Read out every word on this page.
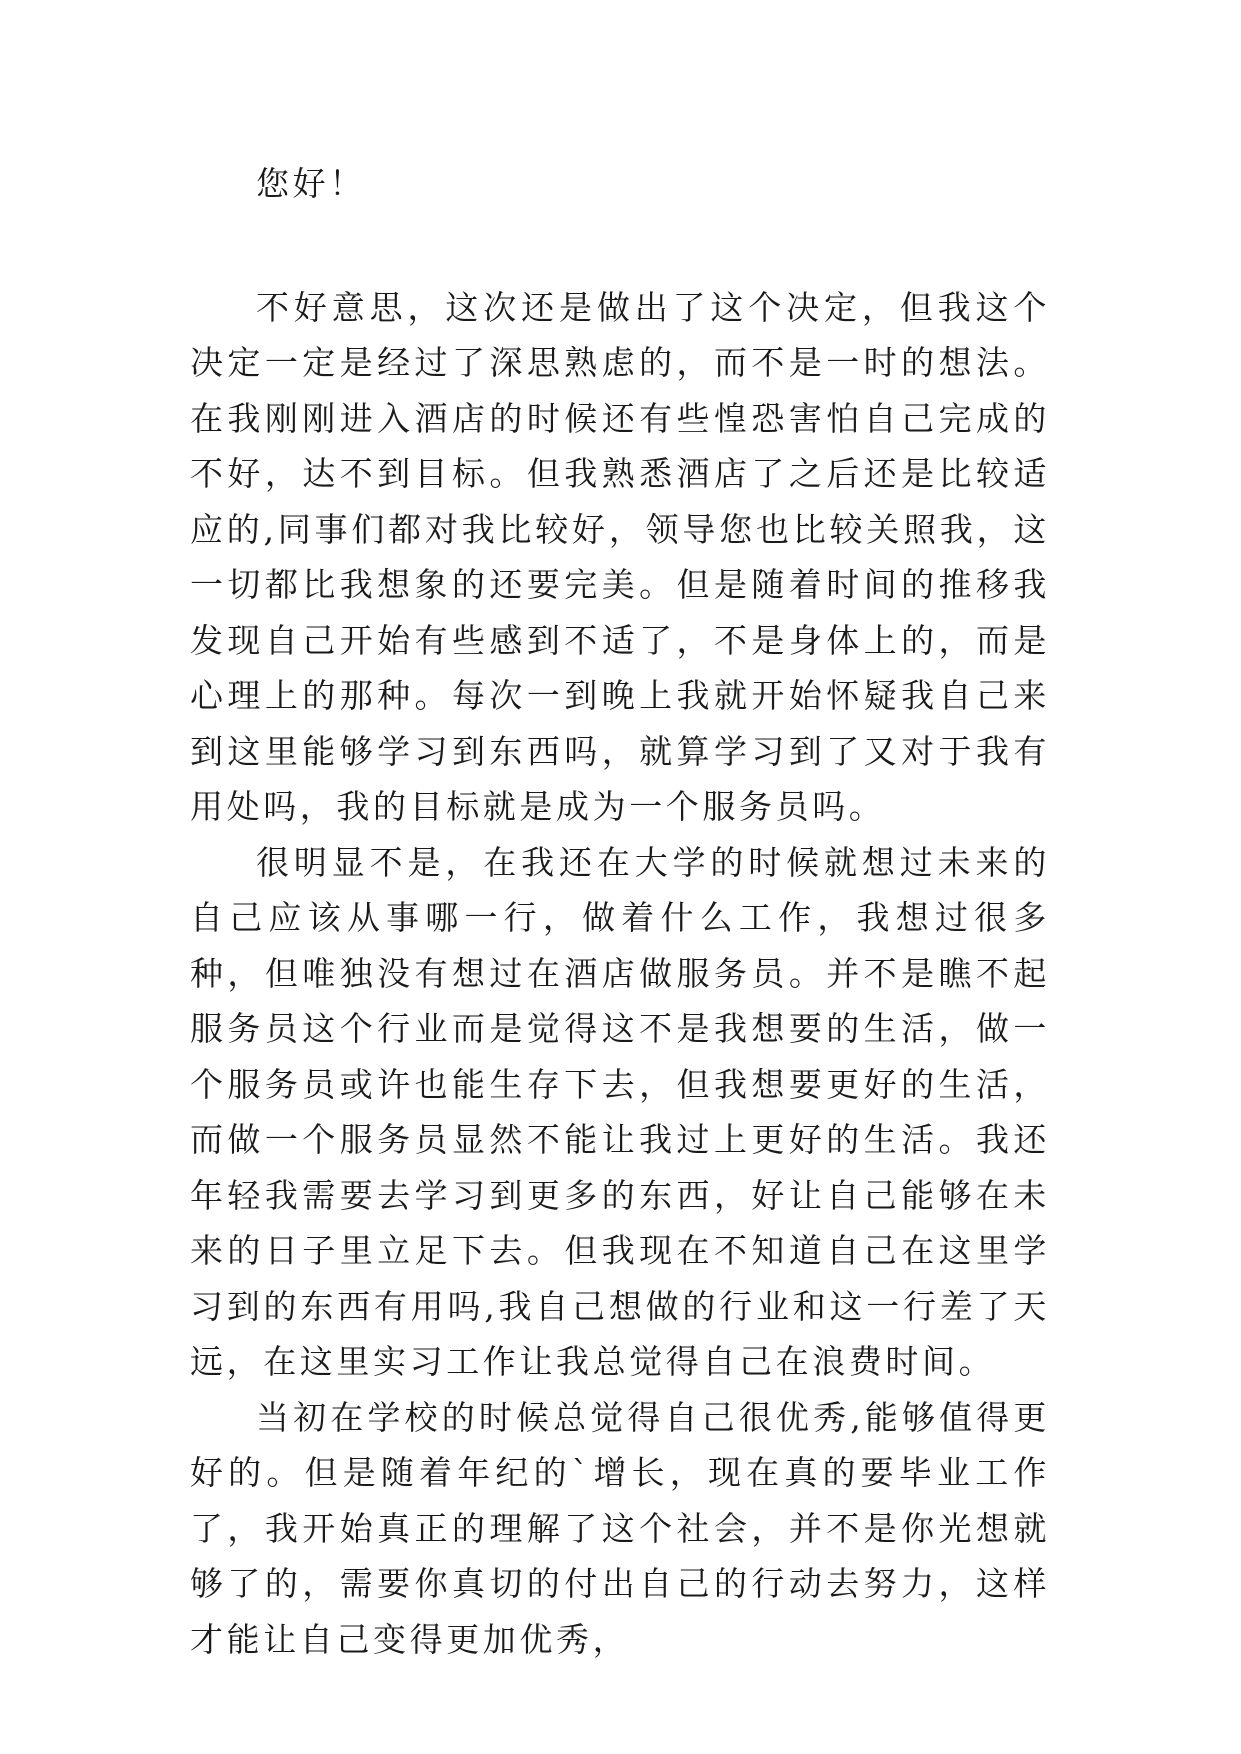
您好！

不好意思，这次还是做出了这个决定，但我这个决定一定是经过了深思熟虑的，而不是一时的想法。在我刚刚进入酒店的时候还有些惶恐害怕自己完成的不好，达不到目标。但我熟悉酒店了之后还是比较适应的,同事们都对我比较好，领导您也比较关照我，这一切都比我想象的还要完美。但是随着时间的推移我发现自己开始有些感到不适了，不是身体上的，而是心理上的那种。每次一到晚上我就开始怀疑我自己来到这里能够学习到东西吗，就算学习到了又对于我有用处吗，我的目标就是成为一个服务员吗。

很明显不是，在我还在大学的时候就想过未来的自己应该从事哪一行，做着什么工作，我想过很多种，但唯独没有想过在酒店做服务员。并不是瞧不起服务员这个行业而是觉得这不是我想要的生活，做一个服务员或许也能生存下去，但我想要更好的生活，而做一个服务员显然不能让我过上更好的生活。我还年轻我需要去学习到更多的东西，好让自己能够在未来的日子里立足下去。但我现在不知道自己在这里学习到的东西有用吗,我自己想做的行业和这一行差了天远，在这里实习工作让我总觉得自己在浪费时间。

当初在学校的时候总觉得自己很优秀,能够值得更好的。但是随着年纪的`增长，现在真的要毕业工作了，我开始真正的理解了这个社会，并不是你光想就够了的，需要你真切的付出自己的行动去努力，这样才能让自己变得更加优秀，
